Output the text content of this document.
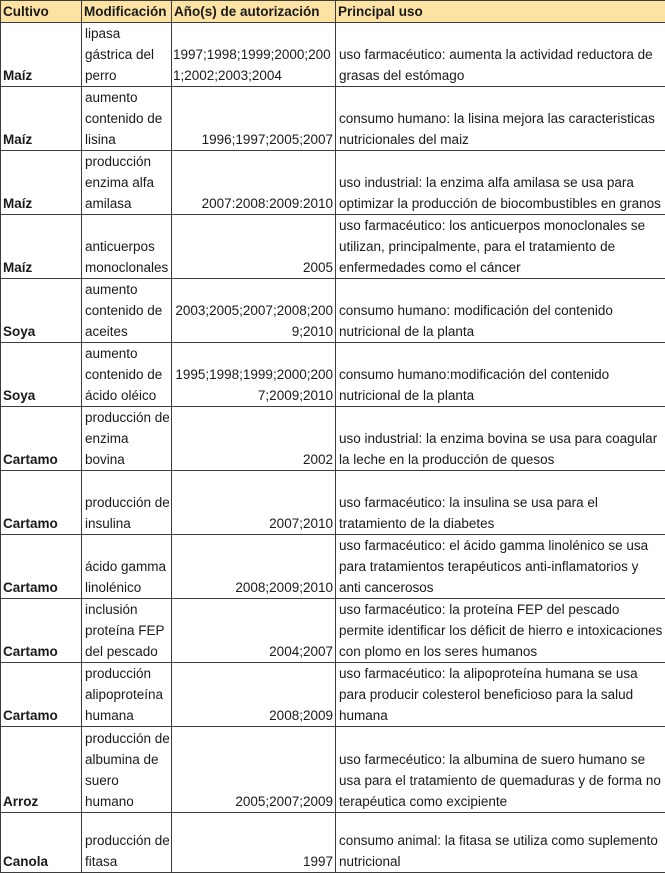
Cultivo	Modificación	Año(s) de autorización	Principal uso
Maíz	lipasa gástrica del perro	1997;1998;1999;2000;2001;2002;2003;2004	uso farmacéutico: aumenta la actividad reductora de grasas del estómago
Maíz	aumento contenido de lisina	1996;1997;2005;2007	consumo humano: la lisina mejora las caracteristicas nutricionales del maiz
Maíz	producción enzima alfa amilasa	2007:2008:2009:2010	uso industrial: la enzima alfa amilasa se usa para optimizar la producción de biocombustibles en granos
Maíz	anticuerpos monoclonales	2005	uso farmacéutico: los anticuerpos monoclonales se utilizan, principalmente, para el tratamiento de enfermedades como el cáncer
Soya	aumento contenido de aceites	2003;2005;2007;2008;2009;2010	consumo humano: modificación del contenido nutricional de la planta
Soya	aumento contenido de ácido oléico	1995;1998;1999;2000;2007;2009;2010	consumo humano:modificación del contenido nutricional de la planta
Cartamo	producción de enzima bovina	2002	uso industrial: la enzima bovina se usa para coagular la leche en la producción de quesos
Cartamo	producción de insulina	2007;2010	uso farmacéutico: la insulina se usa para el tratamiento de la diabetes
Cartamo	ácido gamma linolénico	2008;2009;2010	uso farmacéutico: el ácido gamma linolénico se usa para tratamientos terapéuticos anti-inflamatorios y anti cancerosos
Cartamo	inclusión proteína FEP del pescado	2004;2007	uso farmacéutico: la proteína FEP del pescado permite identificar los déficit de hierro e intoxicaciones con plomo en los seres humanos
Cartamo	producción alipoproteína humana	2008;2009	uso farmacéutico: la alipoproteína humana se usa para producir colesterol beneficioso para la salud humana
Arroz	producción de albumina de suero humano	2005;2007;2009	uso farmecéutico: la albumina de suero humano se usa para el tratamiento de quemaduras y de forma no terapéutica como excipiente
Canola	producción de fitasa	1997	consumo animal: la fitasa se utiliza como suplemento nutricional
